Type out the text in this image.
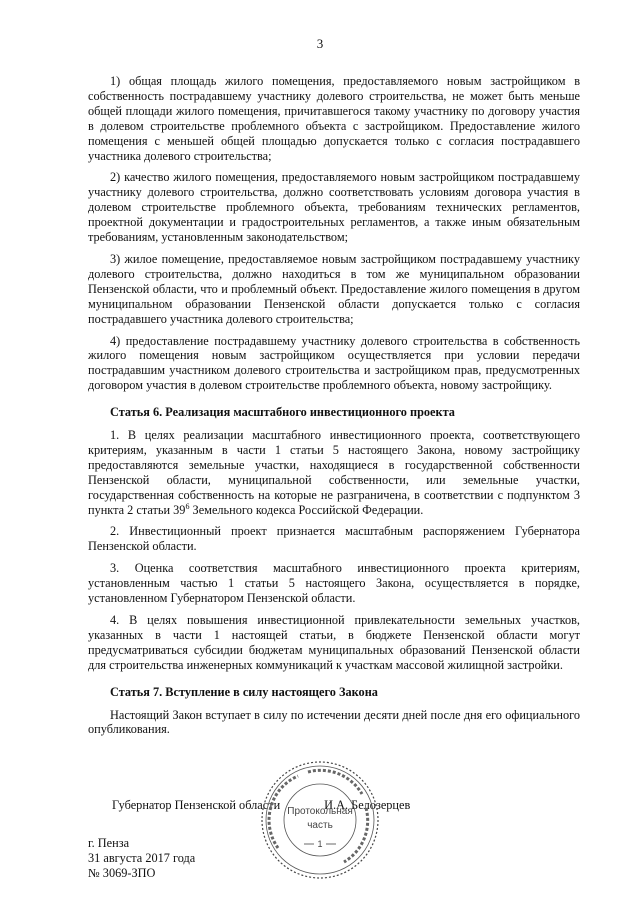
3

1) общая площадь жилого помещения, предоставляемого новым застройщиком в собственность пострадавшему участнику долевого строительства, не может быть меньше общей площади жилого помещения, причитавшегося такому участнику по договору участия в долевом строительстве проблемного объекта с застройщиком. Предоставление жилого помещения с меньшей общей площадью допускается только с согласия пострадавшего участника долевого строительства;

2) качество жилого помещения, предоставляемого новым застройщиком пострадавшему участнику долевого строительства, должно соответствовать условиям договора участия в долевом строительстве проблемного объекта, требованиям технических регламентов, проектной документации и градостроительных регламентов, а также иным обязательным требованиям, установленным законодательством;

3) жилое помещение, предоставляемое новым застройщиком пострадавшему участнику долевого строительства, должно находиться в том же муниципальном образовании Пензенской области, что и проблемный объект. Предоставление жилого помещения в другом муниципальном образовании Пензенской области допускается только с согласия пострадавшего участника долевого строительства;

4) предоставление пострадавшему участнику долевого строительства в собственность жилого помещения новым застройщиком осуществляется при условии передачи пострадавшим участником долевого строительства и застройщиком прав, предусмотренных договором участия в долевом строительстве проблемного объекта, новому застройщику.

Статья 6. Реализация масштабного инвестиционного проекта

1. В целях реализации масштабного инвестиционного проекта, соответствующего критериям, указанным в части 1 статьи 5 настоящего Закона, новому застройщику предоставляются земельные участки, находящиеся в государственной собственности Пензенской области, муниципальной собственности, или земельные участки, государственная собственность на которые не разграничена, в соответствии с подпунктом 3 пункта 2 статьи $39^6$ Земельного кодекса Российской Федерации.

2. Инвестиционный проект признается масштабным распоряжением Губернатора Пензенской области.

3. Оценка соответствия масштабного инвестиционного проекта критериям, установленным частью 1 статьи 5 настоящего Закона, осуществляется в порядке, установленном Губернатором Пензенской области.

4. В целях повышения инвестиционной привлекательности земельных участков, указанных в части 1 настоящей статьи, в бюджете Пензенской области могут предусматриваться субсидии бюджетам муниципальных образований Пензенской области для строительства инженерных коммуникаций к участкам массовой жилищной застройки.

Статья 7. Вступление в силу настоящего Закона

Настоящий Закон вступает в силу по истечении десяти дней после дня его официального опубликования.

Губернатор Пензенской области	И.А. Белозерцев
г. Пенза
31 августа 2017 года
№ 3069-ЗПО
Протокольная
часть
1
